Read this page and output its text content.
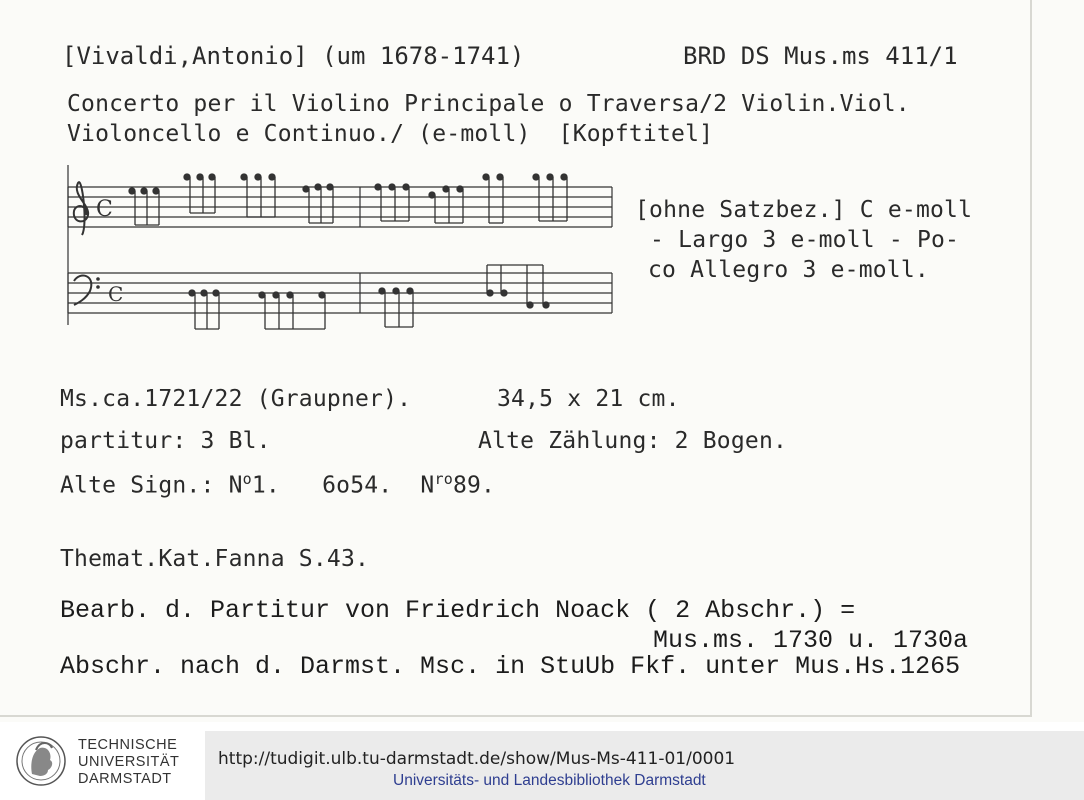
[Vivaldi,Antonio] (um 1678-1741)	BRD DS Mus.ms 411/1
Concerto per il Violino Principale o Traversa/2 Violin.Viol.
Violoncello e Continuo./ (e-moll)  [Kopftitel]
C
C
[ohne Satzbez.] C e-moll
- Largo 3 e-moll - Po-
co Allegro 3 e-moll.
Ms.ca.1721/22 (Graupner).	34,5 x 21 cm.
partitur: 3 Bl.	Alte Zählung: 2 Bogen.
Alte Sign.: $N^o1$.   6o54.  $N^{ro}89$.
Themat.Kat.Fanna S.43.
Bearb. d. Partitur von Friedrich Noack ( 2 Abschr.) =
Mus.ms. 1730 u. 1730a
Abschr. nach d. Darmst. Msc. in StuUb Fkf. unter Mus.Hs.1265
TECHNISCHE
UNIVERSITÄT
DARMSTADT
http://tudigit.ulb.tu-darmstadt.de/show/Mus-Ms-411-01/0001
Universitäts- und Landesbibliothek Darmstadt
